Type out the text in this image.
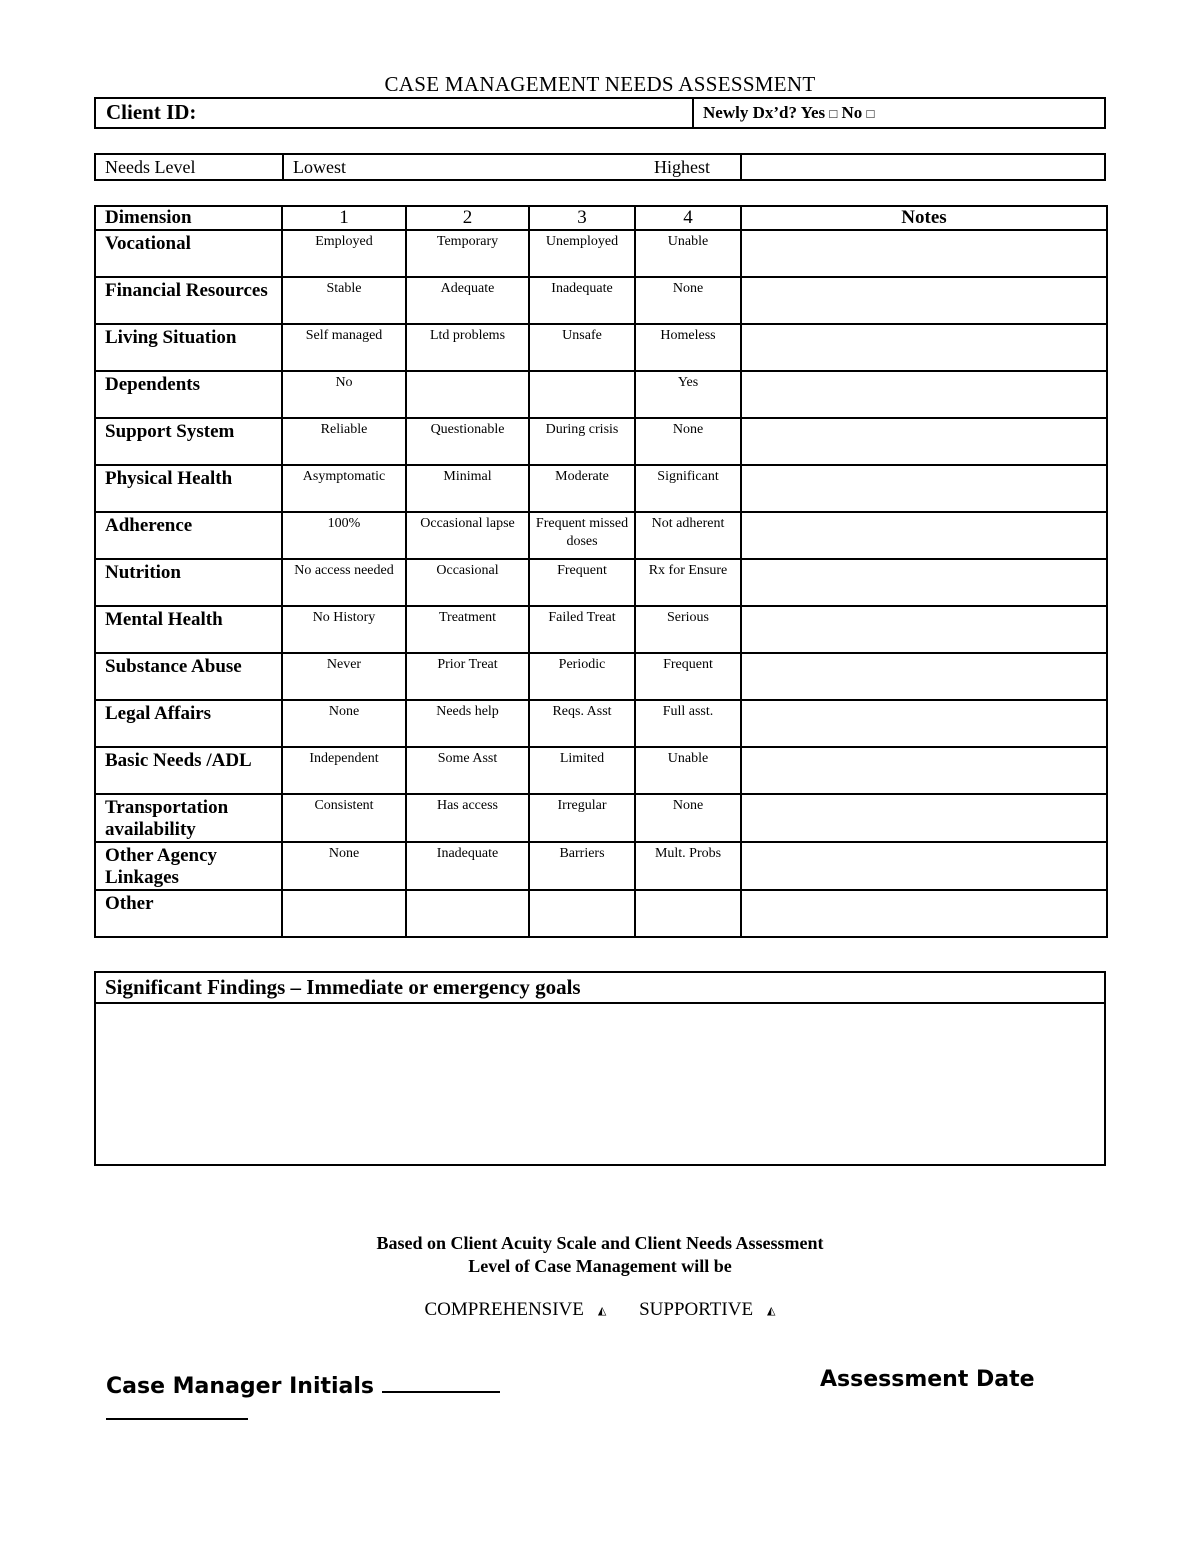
CASE MANAGEMENT NEEDS ASSESSMENT
Client ID:	Newly Dx’d? Yes □ No □
Needs Level	Lowest	Highest

Dimension	1	2	3	4	Notes
Vocational	Employed	Temporary	Unemployed	Unable	
Financial Resources	Stable	Adequate	Inadequate	None	
Living Situation	Self managed	Ltd problems	Unsafe	Homeless	
Dependents	No			Yes	
Support System	Reliable	Questionable	During crisis	None	
Physical Health	Asymptomatic	Minimal	Moderate	Significant	
Adherence	100%	Occasional lapse	Frequent missed doses	Not adherent	
Nutrition	No access needed	Occasional	Frequent	Rx for Ensure	
Mental Health	No History	Treatment	Failed Treat	Serious	
Substance Abuse	Never	Prior Treat	Periodic	Frequent	
Legal Affairs	None	Needs help	Reqs. Asst	Full asst.	
Basic Needs /ADL	Independent	Some Asst	Limited	Unable	
Transportation availability	Consistent	Has access	Irregular	None	
Other Agency Linkages	None	Inadequate	Barriers	Mult. Probs	
Other					
Significant Findings – Immediate or emergency goals

Based on Client Acuity Scale and Client Needs Assessment
Level of Case Management will be
COMPREHENSIVE ◭ SUPPORTIVE ◭
Case Manager Initials	Assessment Date
